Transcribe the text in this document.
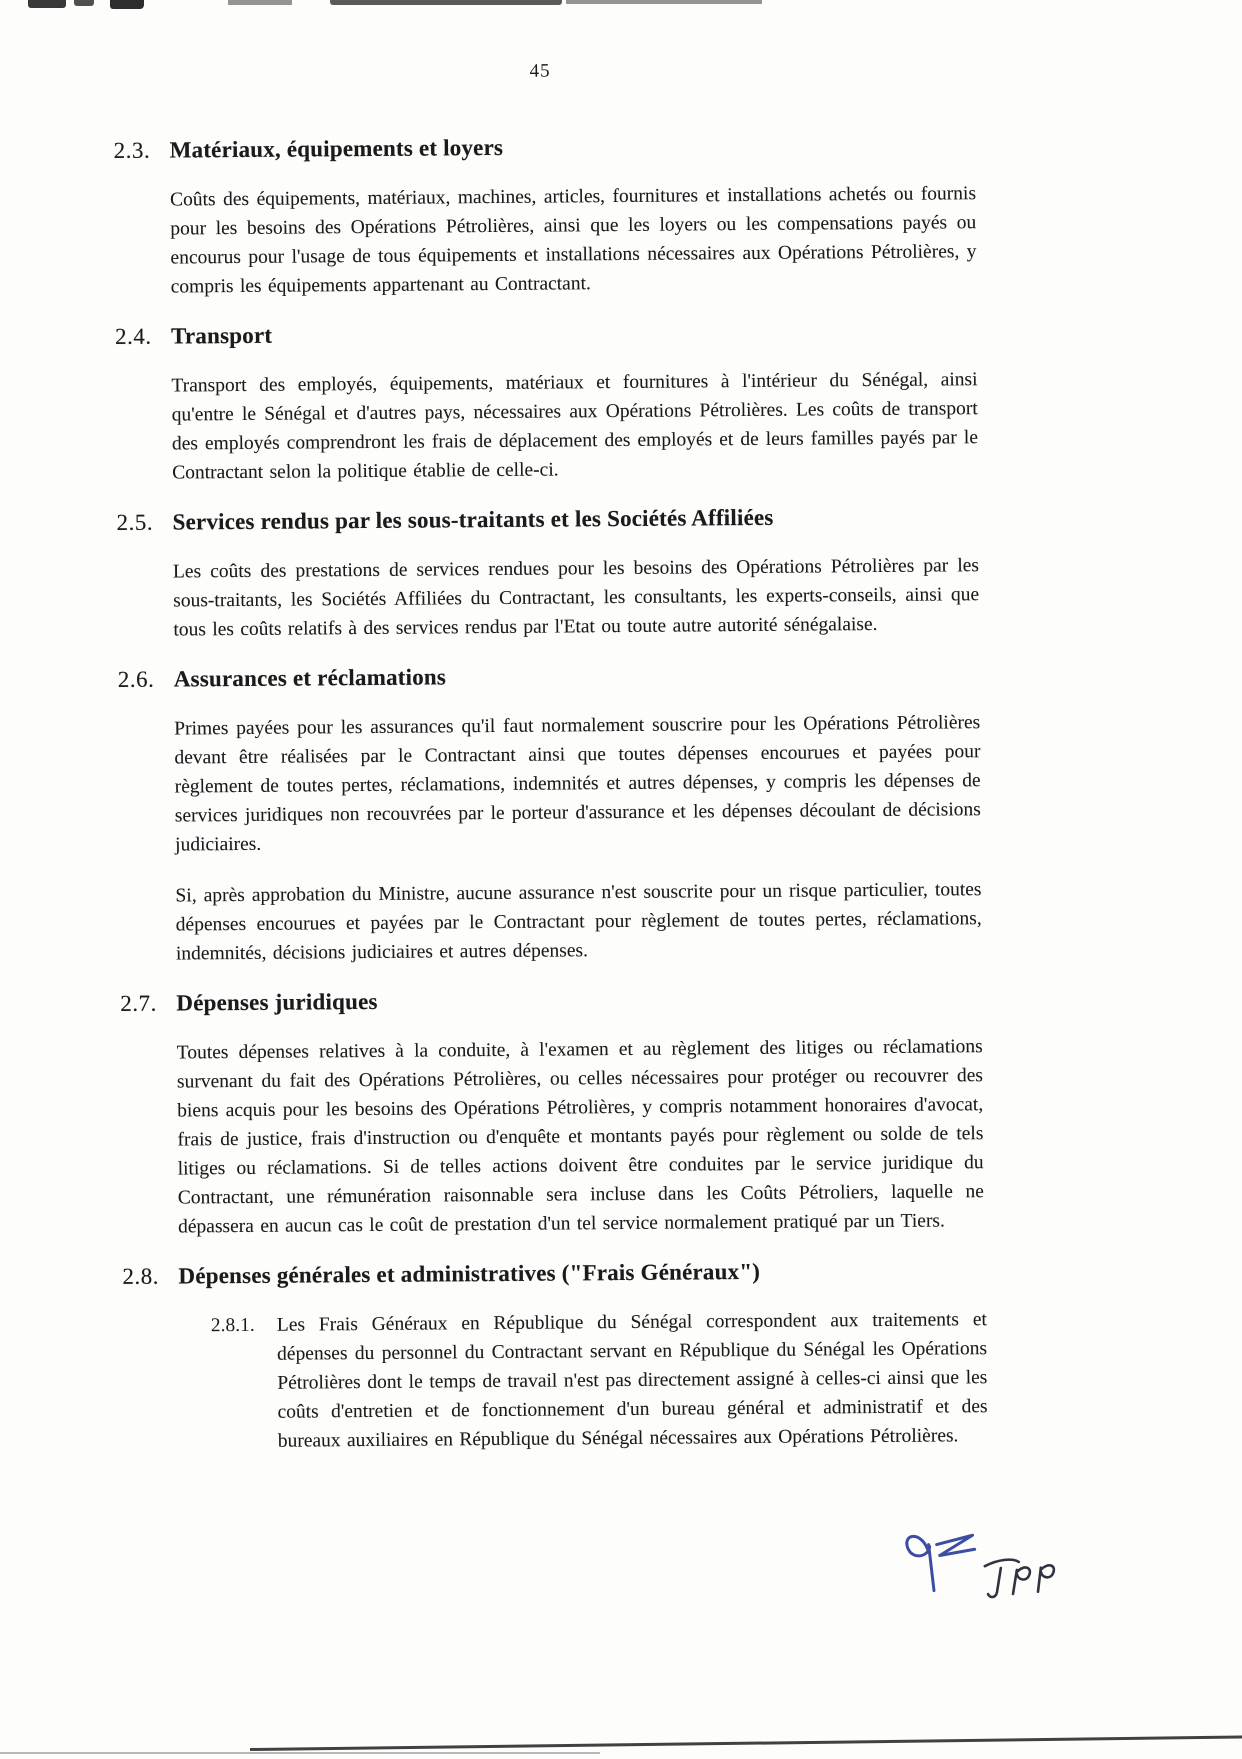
45
2.3. Matériaux, équipements et loyers

Coûts des équipements, matériaux, machines, articles, fournitures et installations achetés ou fournis pour les besoins des Opérations Pétrolières, ainsi que les loyers ou les compensations payés ou encourus pour l'usage de tous équipements et installations nécessaires aux Opérations Pétrolières, y compris les équipements appartenant au Contractant.

2.4. Transport

Transport des employés, équipements, matériaux et fournitures à l'intérieur du Sénégal, ainsi qu'entre le Sénégal et d'autres pays, nécessaires aux Opérations Pétrolières. Les coûts de transport des employés comprendront les frais de déplacement des employés et de leurs familles payés par le Contractant selon la politique établie de celle-ci.

2.5. Services rendus par les sous-traitants et les Sociétés Affiliées

Les coûts des prestations de services rendues pour les besoins des Opérations Pétrolières par les sous-traitants, les Sociétés Affiliées du Contractant, les consultants, les experts-conseils, ainsi que tous les coûts relatifs à des services rendus par l'Etat ou toute autre autorité sénégalaise.

2.6. Assurances et réclamations

Primes payées pour les assurances qu'il faut normalement souscrire pour les Opérations Pétrolières devant être réalisées par le Contractant ainsi que toutes dépenses encourues et payées pour règlement de toutes pertes, réclamations, indemnités et autres dépenses, y compris les dépenses de services juridiques non recouvrées par le porteur d'assurance et les dépenses découlant de décisions judiciaires.

Si, après approbation du Ministre, aucune assurance n'est souscrite pour un risque particulier, toutes dépenses encourues et payées par le Contractant pour règlement de toutes pertes, réclamations, indemnités, décisions judiciaires et autres dépenses.

2.7. Dépenses juridiques

Toutes dépenses relatives à la conduite, à l'examen et au règlement des litiges ou réclamations survenant du fait des Opérations Pétrolières, ou celles nécessaires pour protéger ou recouvrer des biens acquis pour les besoins des Opérations Pétrolières, y compris notamment honoraires d'avocat, frais de justice, frais d'instruction ou d'enquête et montants payés pour règlement ou solde de tels litiges ou réclamations. Si de telles actions doivent être conduites par le service juridique du Contractant, une rémunération raisonnable sera incluse dans les Coûts Pétroliers, laquelle ne dépassera en aucun cas le coût de prestation d'un tel service normalement pratiqué par un Tiers.

2.8. Dépenses générales et administratives ("Frais Généraux")
2.8.1.	Les Frais Généraux en République du Sénégal correspondent aux traitements et dépenses du personnel du Contractant servant en République du Sénégal les Opérations Pétrolières dont le temps de travail n'est pas directement assigné à celles-ci ainsi que les coûts d'entretien et de fonctionnement d'un bureau général et administratif et des bureaux auxiliaires en République du Sénégal nécessaires aux Opérations Pétrolières.
